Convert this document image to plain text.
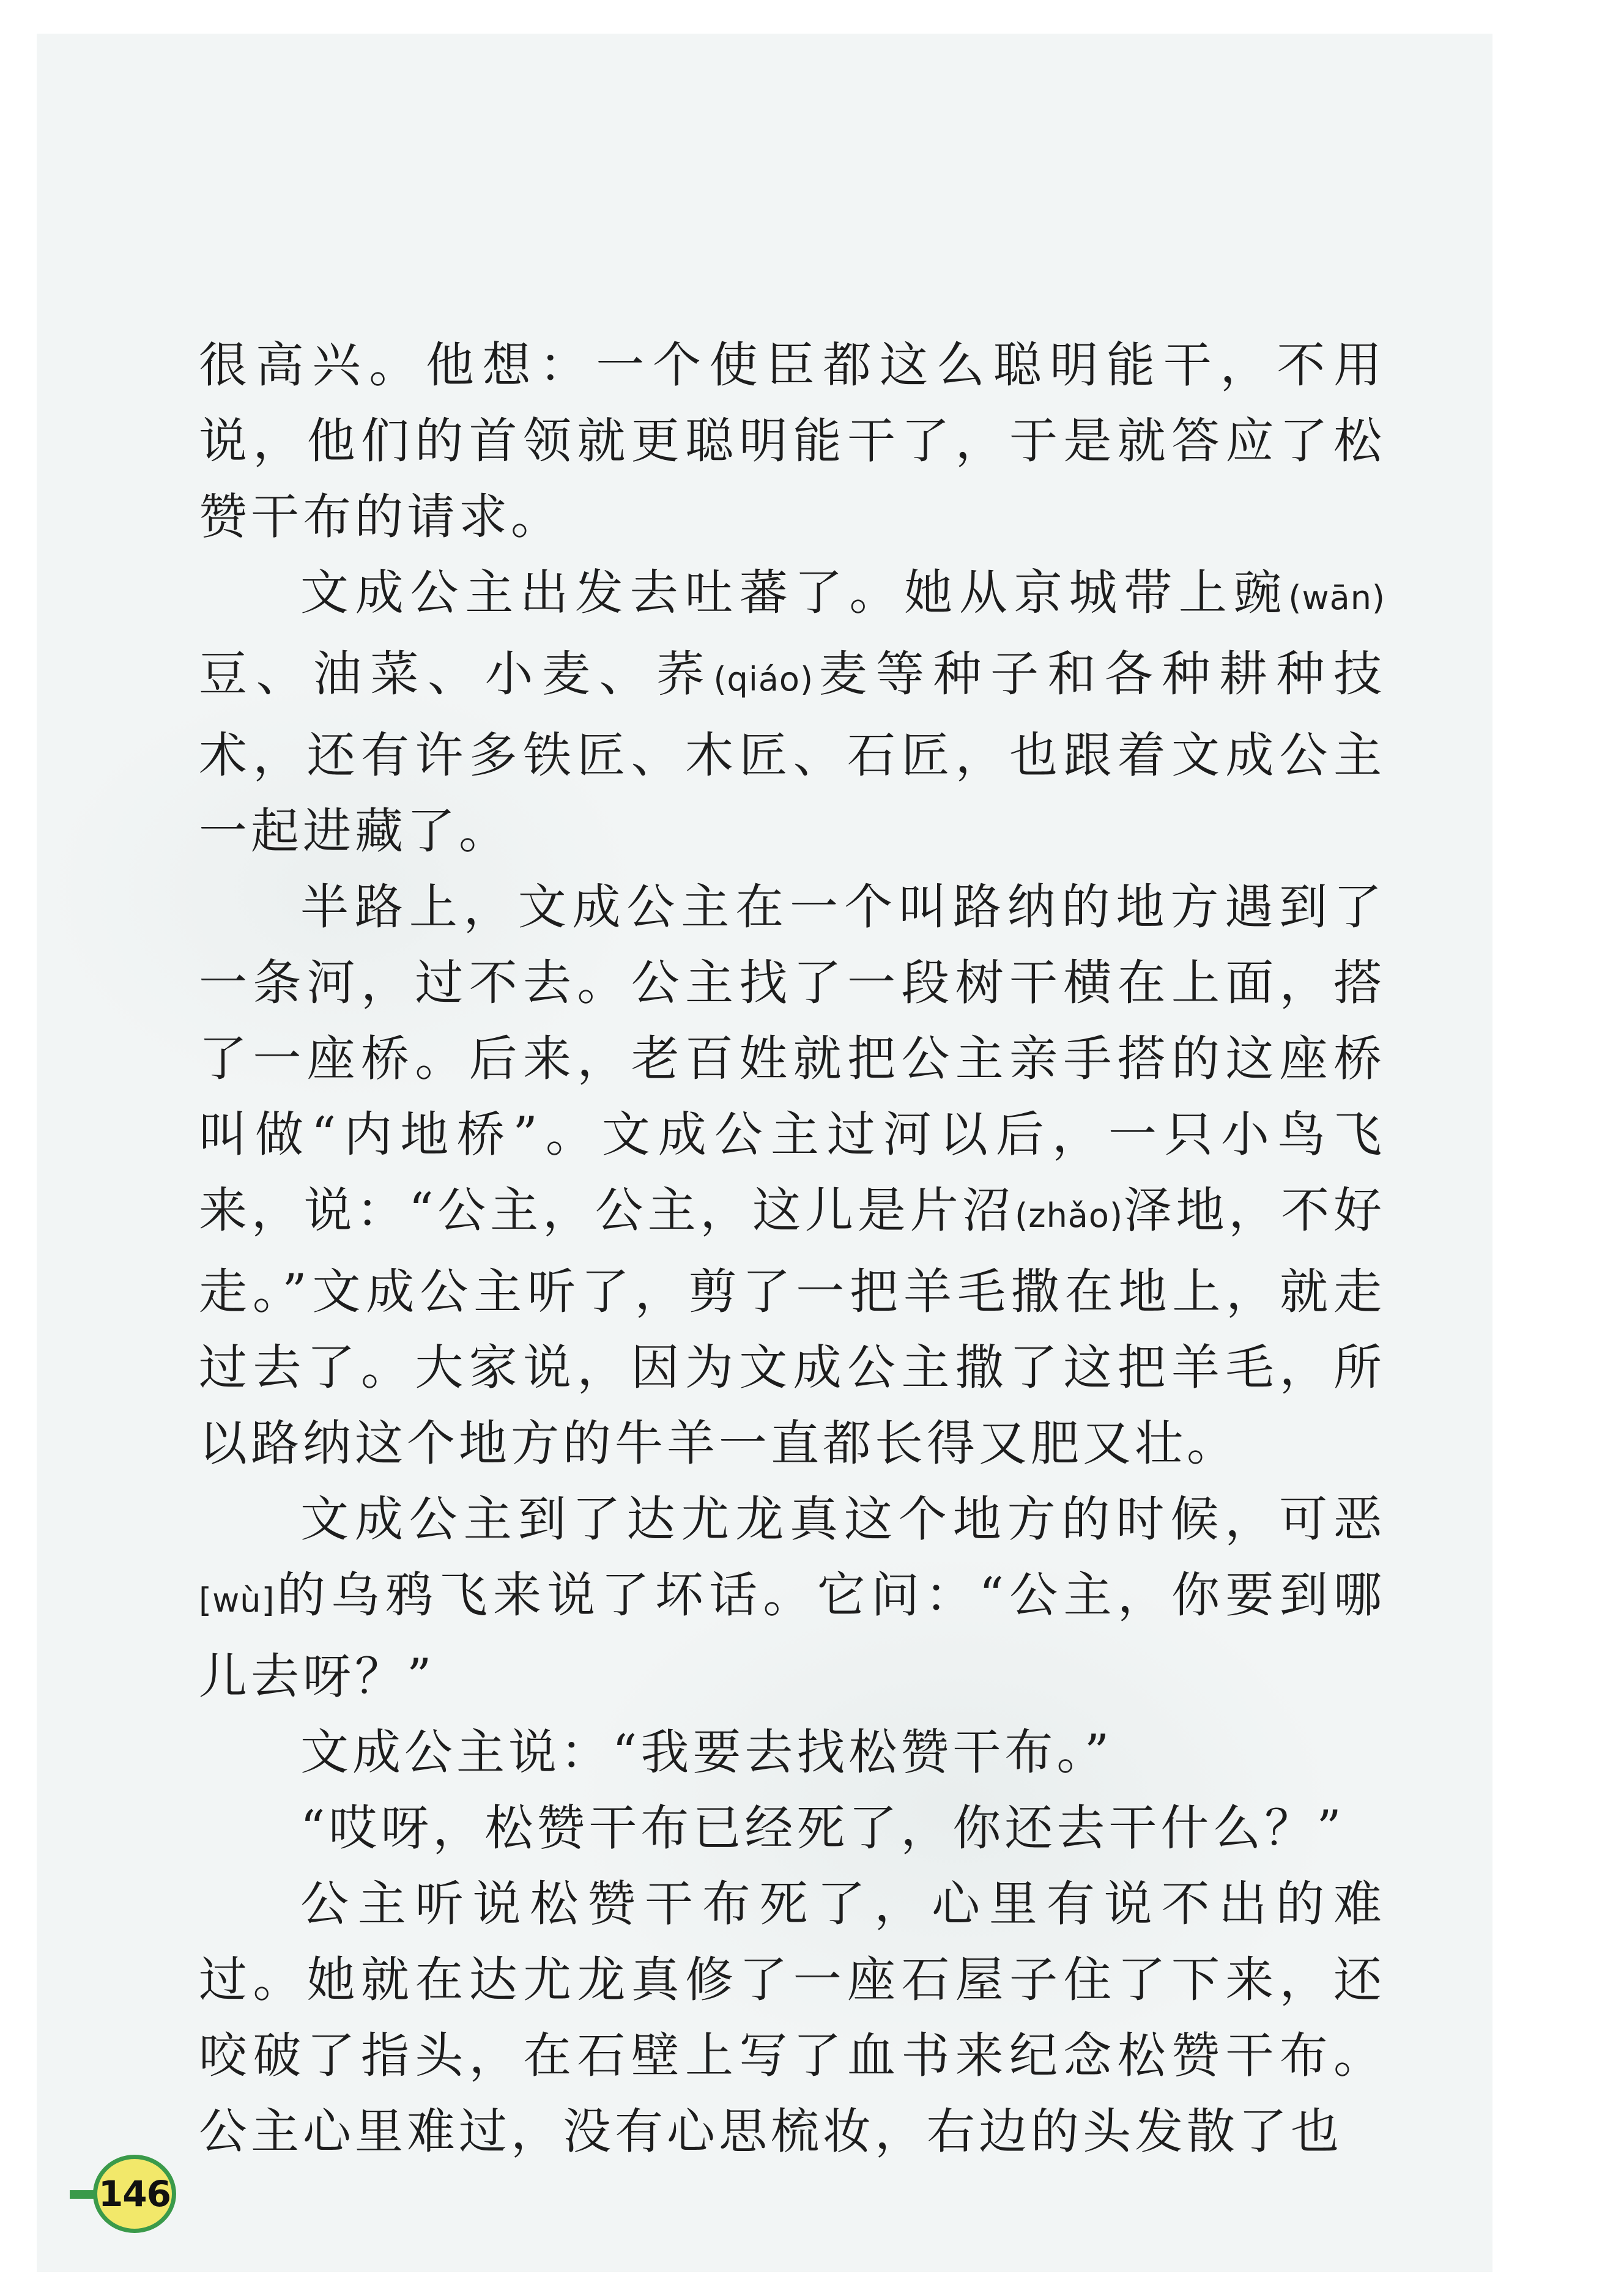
很高兴。他想：一个使臣都这么聪明能干，不用说，他们的首领就更聪明能干了，于是就答应了松赞干布的请求。

文成公主出发去吐蕃了。她从京城带上豌(wān)豆、油菜、小麦、荞(qiáo)麦等种子和各种耕种技术，还有许多铁匠、木匠、石匠，也跟着文成公主一起进藏了。

半路上，文成公主在一个叫路纳的地方遇到了一条河，过不去。公主找了一段树干横在上面，搭了一座桥。后来，老百姓就把公主亲手搭的这座桥叫做“内地桥”。文成公主过河以后，一只小鸟飞来，说：“公主，公主，这儿是片沼(zhǎo)泽地，不好走。”文成公主听了，剪了一把羊毛撒在地上，就走过去了。大家说，因为文成公主撒了这把羊毛，所以路纳这个地方的牛羊一直都长得又肥又壮。

文成公主到了达尤龙真这个地方的时候，可恶[wù]的乌鸦飞来说了坏话。它问：“公主，你要到哪儿去呀？”

文成公主说：“我要去找松赞干布。”

“哎呀，松赞干布已经死了，你还去干什么？”

公主听说松赞干布死了，心里有说不出的难过。她就在达尤龙真修了一座石屋子住了下来，还咬破了指头，在石壁上写了血书来纪念松赞干布。公主心里难过，没有心思梳妆，右边的头发散了也

146
